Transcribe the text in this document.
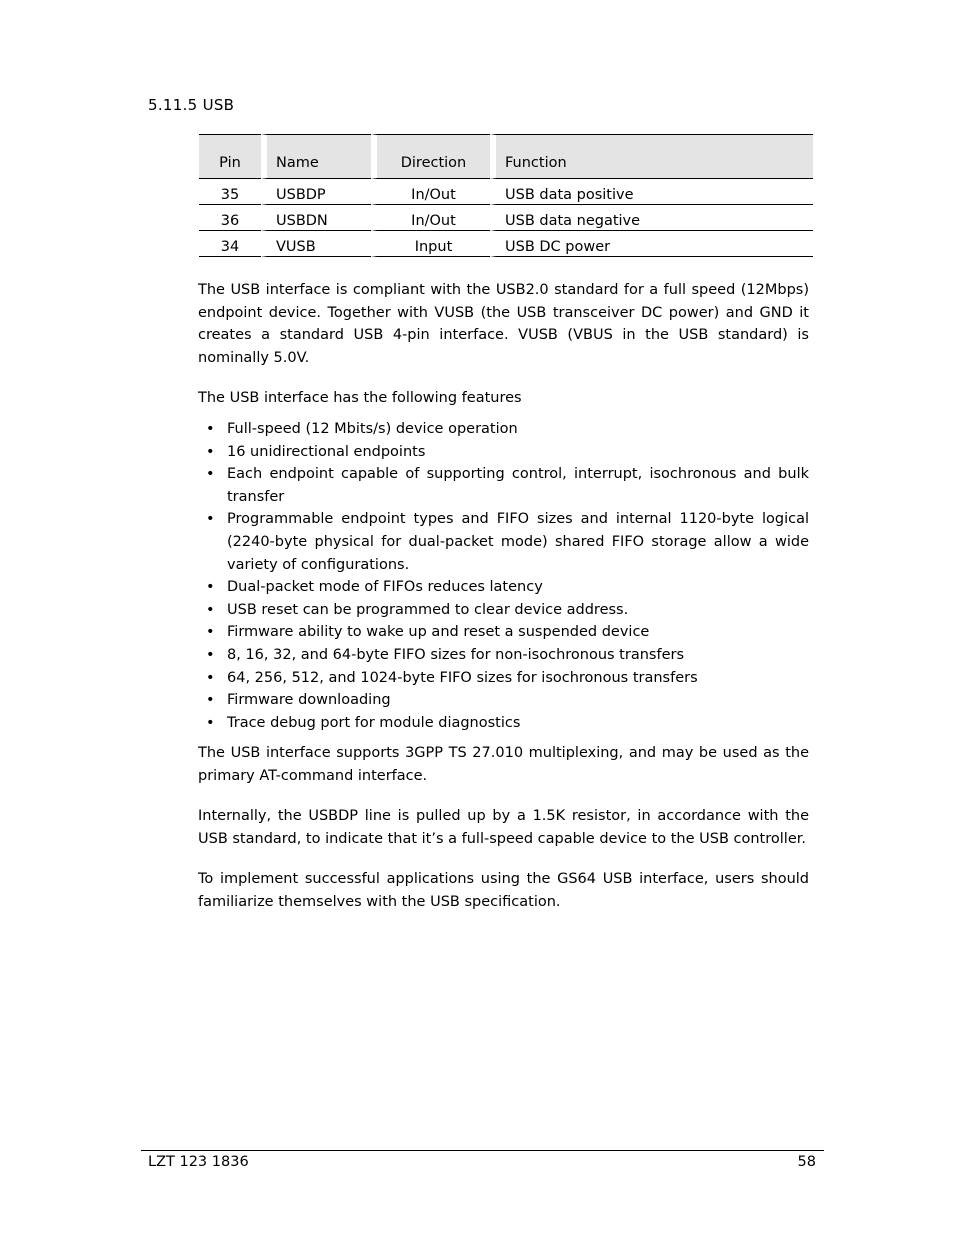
5.11.5 USB
Pin	Name	Direction	Function
35	USBDP	In/Out	USB data positive
36	USBDN	In/Out	USB data negative
34	VUSB	Input	USB DC power

The USB interface is compliant with the USB2.0 standard for a full speed (12Mbps) endpoint device. Together with VUSB (the USB transceiver DC power) and GND it creates a standard USB 4-pin interface. VUSB (VBUS in the USB standard) is nominally 5.0V.

The USB interface has the following features

• Full-speed (12 Mbits/s) device operation
• 16 unidirectional endpoints
• Each endpoint capable of supporting control, interrupt, isochronous and bulk transfer
• Programmable endpoint types and FIFO sizes and internal 1120-byte logical (2240-byte physical for dual-packet mode) shared FIFO storage allow a wide variety of configurations.
• Dual-packet mode of FIFOs reduces latency
• USB reset can be programmed to clear device address.
• Firmware ability to wake up and reset a suspended device
• 8, 16, 32, and 64-byte FIFO sizes for non-isochronous transfers
• 64, 256, 512, and 1024-byte FIFO sizes for isochronous transfers
• Firmware downloading
• Trace debug port for module diagnostics

The USB interface supports 3GPP TS 27.010 multiplexing, and may be used as the primary AT-command interface.

Internally, the USBDP line is pulled up by a 1.5K resistor, in accordance with the USB standard, to indicate that it’s a full-speed capable device to the USB controller.

To implement successful applications using the GS64 USB interface, users should familiarize themselves with the USB specification.

LZT 123 1836	58
